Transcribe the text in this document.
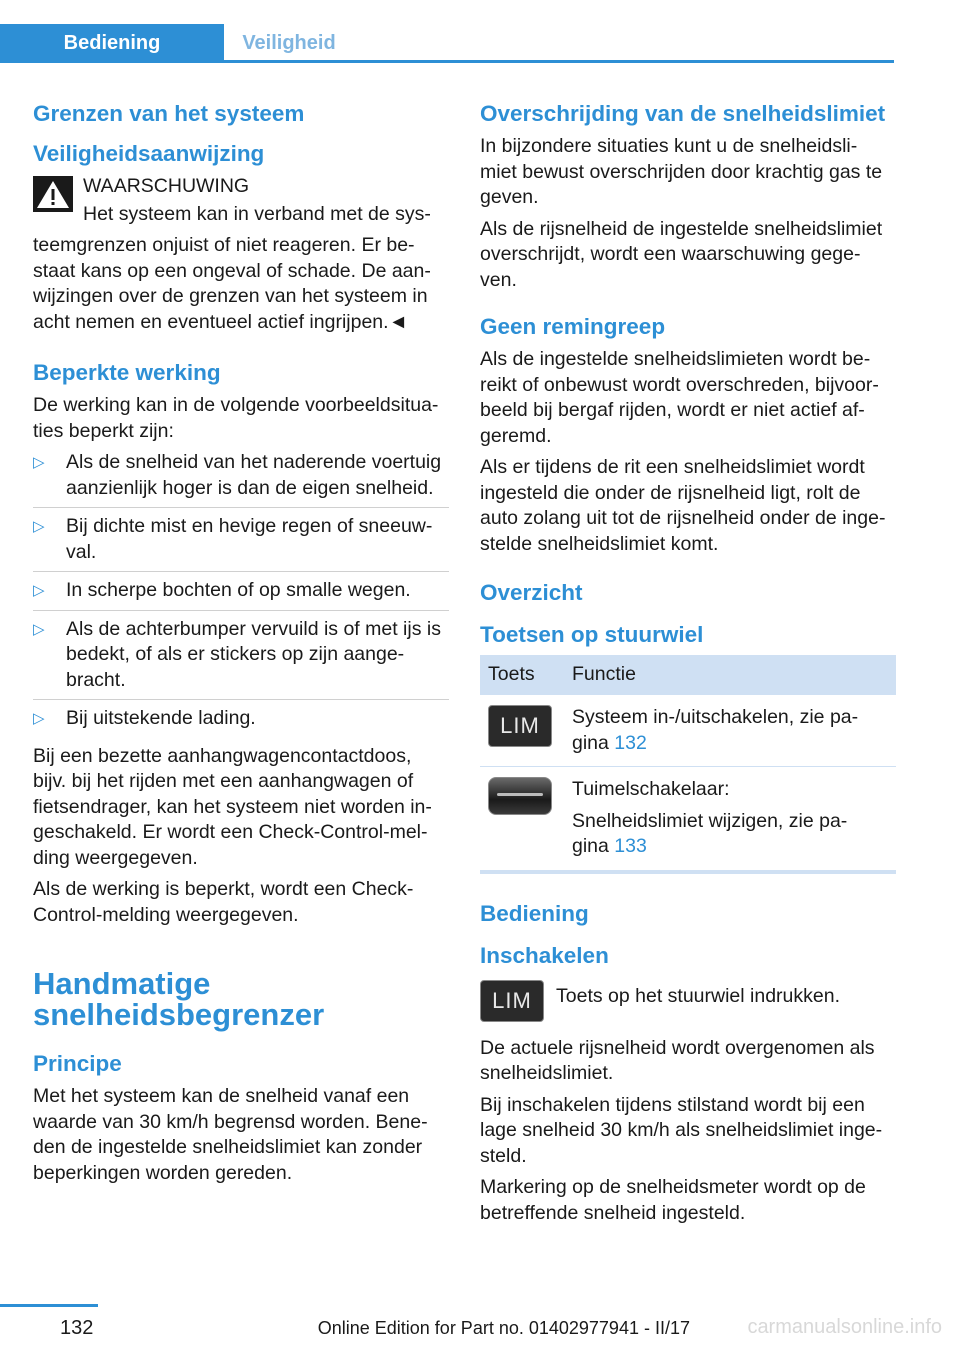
Bediening	Veiligheid
Grenzen van het systeem
Veiligheidsaanwijzing

WAARSCHUWING

Het systeem kan in verband met de sys-

teemgrenzen onjuist of niet reageren. Er be- staat kans op een ongeval of schade. De aan- wijzingen over de grenzen van het systeem in acht nemen en eventueel actief ingrijpen.◄

Beperkte werking

De werking kan in de volgende voorbeeldsitua- ties beperkt zijn:

▷ Als de snelheid van het naderende voertuig aanzienlijk hoger is dan de eigen snelheid.
▷ Bij dichte mist en hevige regen of sneeuw- val.
▷ In scherpe bochten of op smalle wegen.
▷ Als de achterbumper vervuild is of met ijs is bedekt, of als er stickers op zijn aange- bracht.
▷ Bij uitstekende lading.

Bij een bezette aanhangwagencontactdoos, bijv. bij het rijden met een aanhangwagen of fietsendrager, kan het systeem niet worden in- geschakeld. Er wordt een Check-Control-mel- ding weergegeven.

Als de werking is beperkt, wordt een Check- Control-melding weergegeven.

Handmatige snelheidsbegrenzer
Principe

Met het systeem kan de snelheid vanaf een waarde van 30 km/h begrensd worden. Bene- den de ingestelde snelheidslimiet kan zonder beperkingen worden gereden.

Overschrijding van de snelheidslimiet

In bijzondere situaties kunt u de snelheidsli- miet bewust overschrijden door krachtig gas te geven.

Als de rijsnelheid de ingestelde snelheidslimiet overschrijdt, wordt een waarschuwing gege- ven.

Geen remingreep

Als de ingestelde snelheidslimieten wordt be- reikt of onbewust wordt overschreden, bijvoor- beeld bij bergaf rijden, wordt er niet actief af- geremd.

Als er tijdens de rit een snelheidslimiet wordt ingesteld die onder de rijsnelheid ligt, rolt de auto zolang uit tot de rijsnelheid onder de inge- stelde snelheidslimiet komt.

Overzicht
Toetsen op stuurwiel
Toets	Functie

LIM	Systeem in-/uitschakelen, zie pa- gina 132

	Tuimelschakelaar:

Snelheidslimiet wijzigen, zie pa- gina 133
Bediening
Inschakelen
LIM	Toets op het stuurwiel indrukken.

De actuele rijsnelheid wordt overgenomen als snelheidslimiet.

Bij inschakelen tijdens stilstand wordt bij een lage snelheid 30 km/h als snelheidslimiet inge- steld.

Markering op de snelheidsmeter wordt op de betreffende snelheid ingesteld.

132	Online Edition for Part no. 01402977941 - II/17	carmanualsonline.info
